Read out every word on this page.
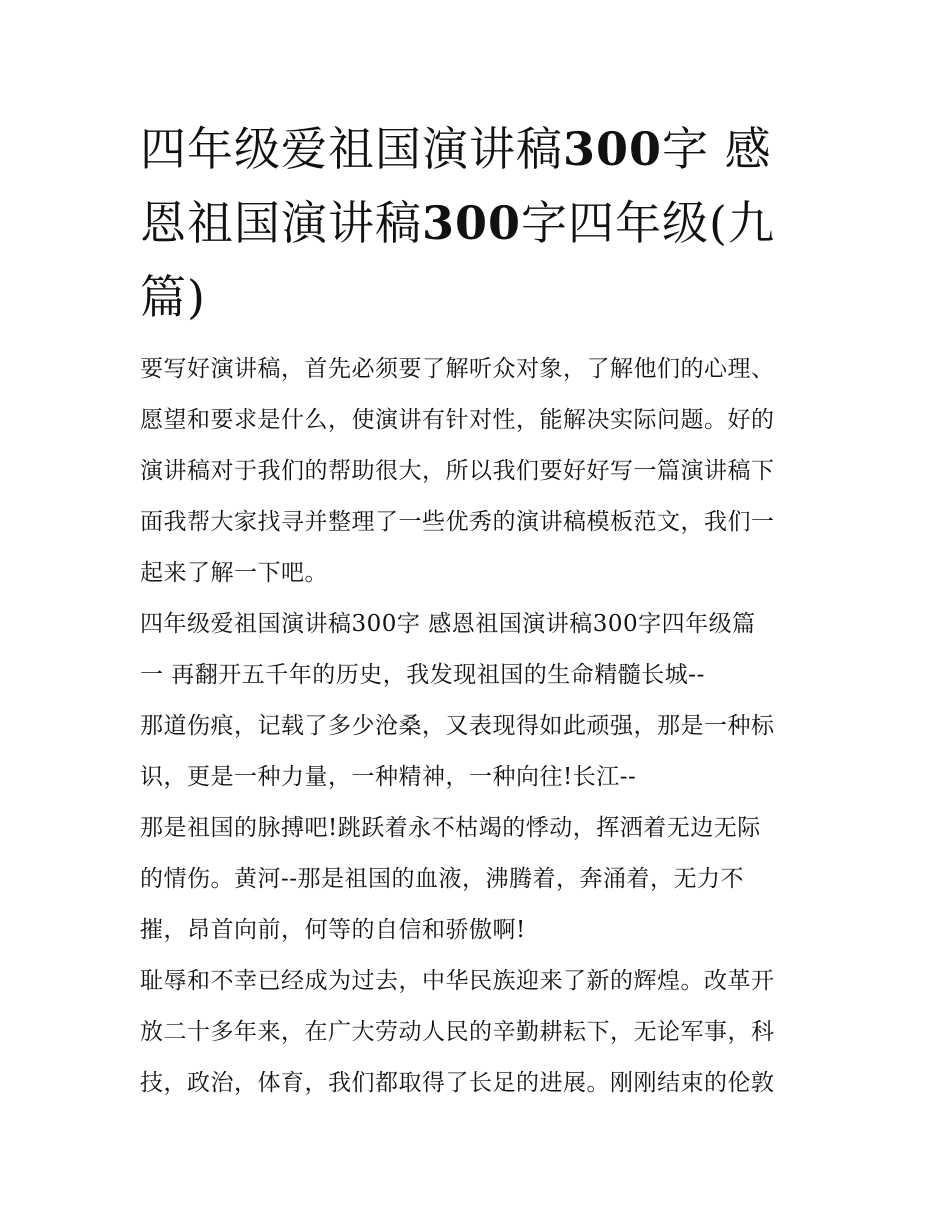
四年级爱祖国演讲稿300字 感
恩祖国演讲稿300字四年级(九
篇)

要写好演讲稿，首先必须要了解听众对象，了解他们的心理、
愿望和要求是什么，使演讲有针对性，能解决实际问题。好的
演讲稿对于我们的帮助很大，所以我们要好好写一篇演讲稿下
面我帮大家找寻并整理了一些优秀的演讲稿模板范文，我们一
起来了解一下吧。

四年级爱祖国演讲稿300字 感恩祖国演讲稿300字四年级篇
一 再翻开五千年的历史，我发现祖国的生命精髓长城--

那道伤痕，记载了多少沧桑，又表现得如此顽强，那是一种标
识，更是一种力量，一种精神，一种向往!长江--

那是祖国的脉搏吧!跳跃着永不枯竭的悸动，挥洒着无边无际
的情伤。黄河--那是祖国的血液，沸腾着，奔涌着，无力不
摧，昂首向前，何等的自信和骄傲啊!

耻辱和不幸已经成为过去，中华民族迎来了新的辉煌。改革开
放二十多年来，在广大劳动人民的辛勤耕耘下，无论军事，科
技，政治，体育，我们都取得了长足的进展。刚刚结束的伦敦
